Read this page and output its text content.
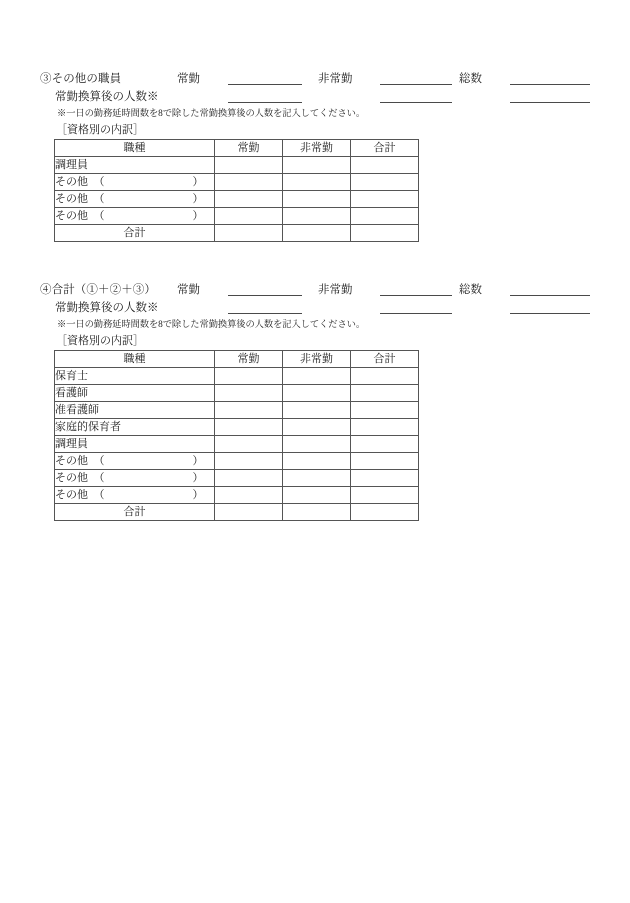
③その他の職員	常勤	非常勤	総数
常勤換算後の人数※
※一日の勤務延時間数を8で除した常勤換算後の人数を記入してください。
［資格別の内訳］
職種	常勤	非常勤	合計
調理員			
その他　（　　　　　　　　）			
その他　（　　　　　　　　）			
その他　（　　　　　　　　）			
合計			
④合計（①＋②＋③） 常勤	非常勤	総数
常勤換算後の人数※
※一日の勤務延時間数を8で除した常勤換算後の人数を記入してください。
［資格別の内訳］
職種	常勤	非常勤	合計
保育士			
看護師			
准看護師			
家庭的保育者			
調理員			
その他　（　　　　　　　　）			
その他　（　　　　　　　　）			
その他　（　　　　　　　　）			
合計			
